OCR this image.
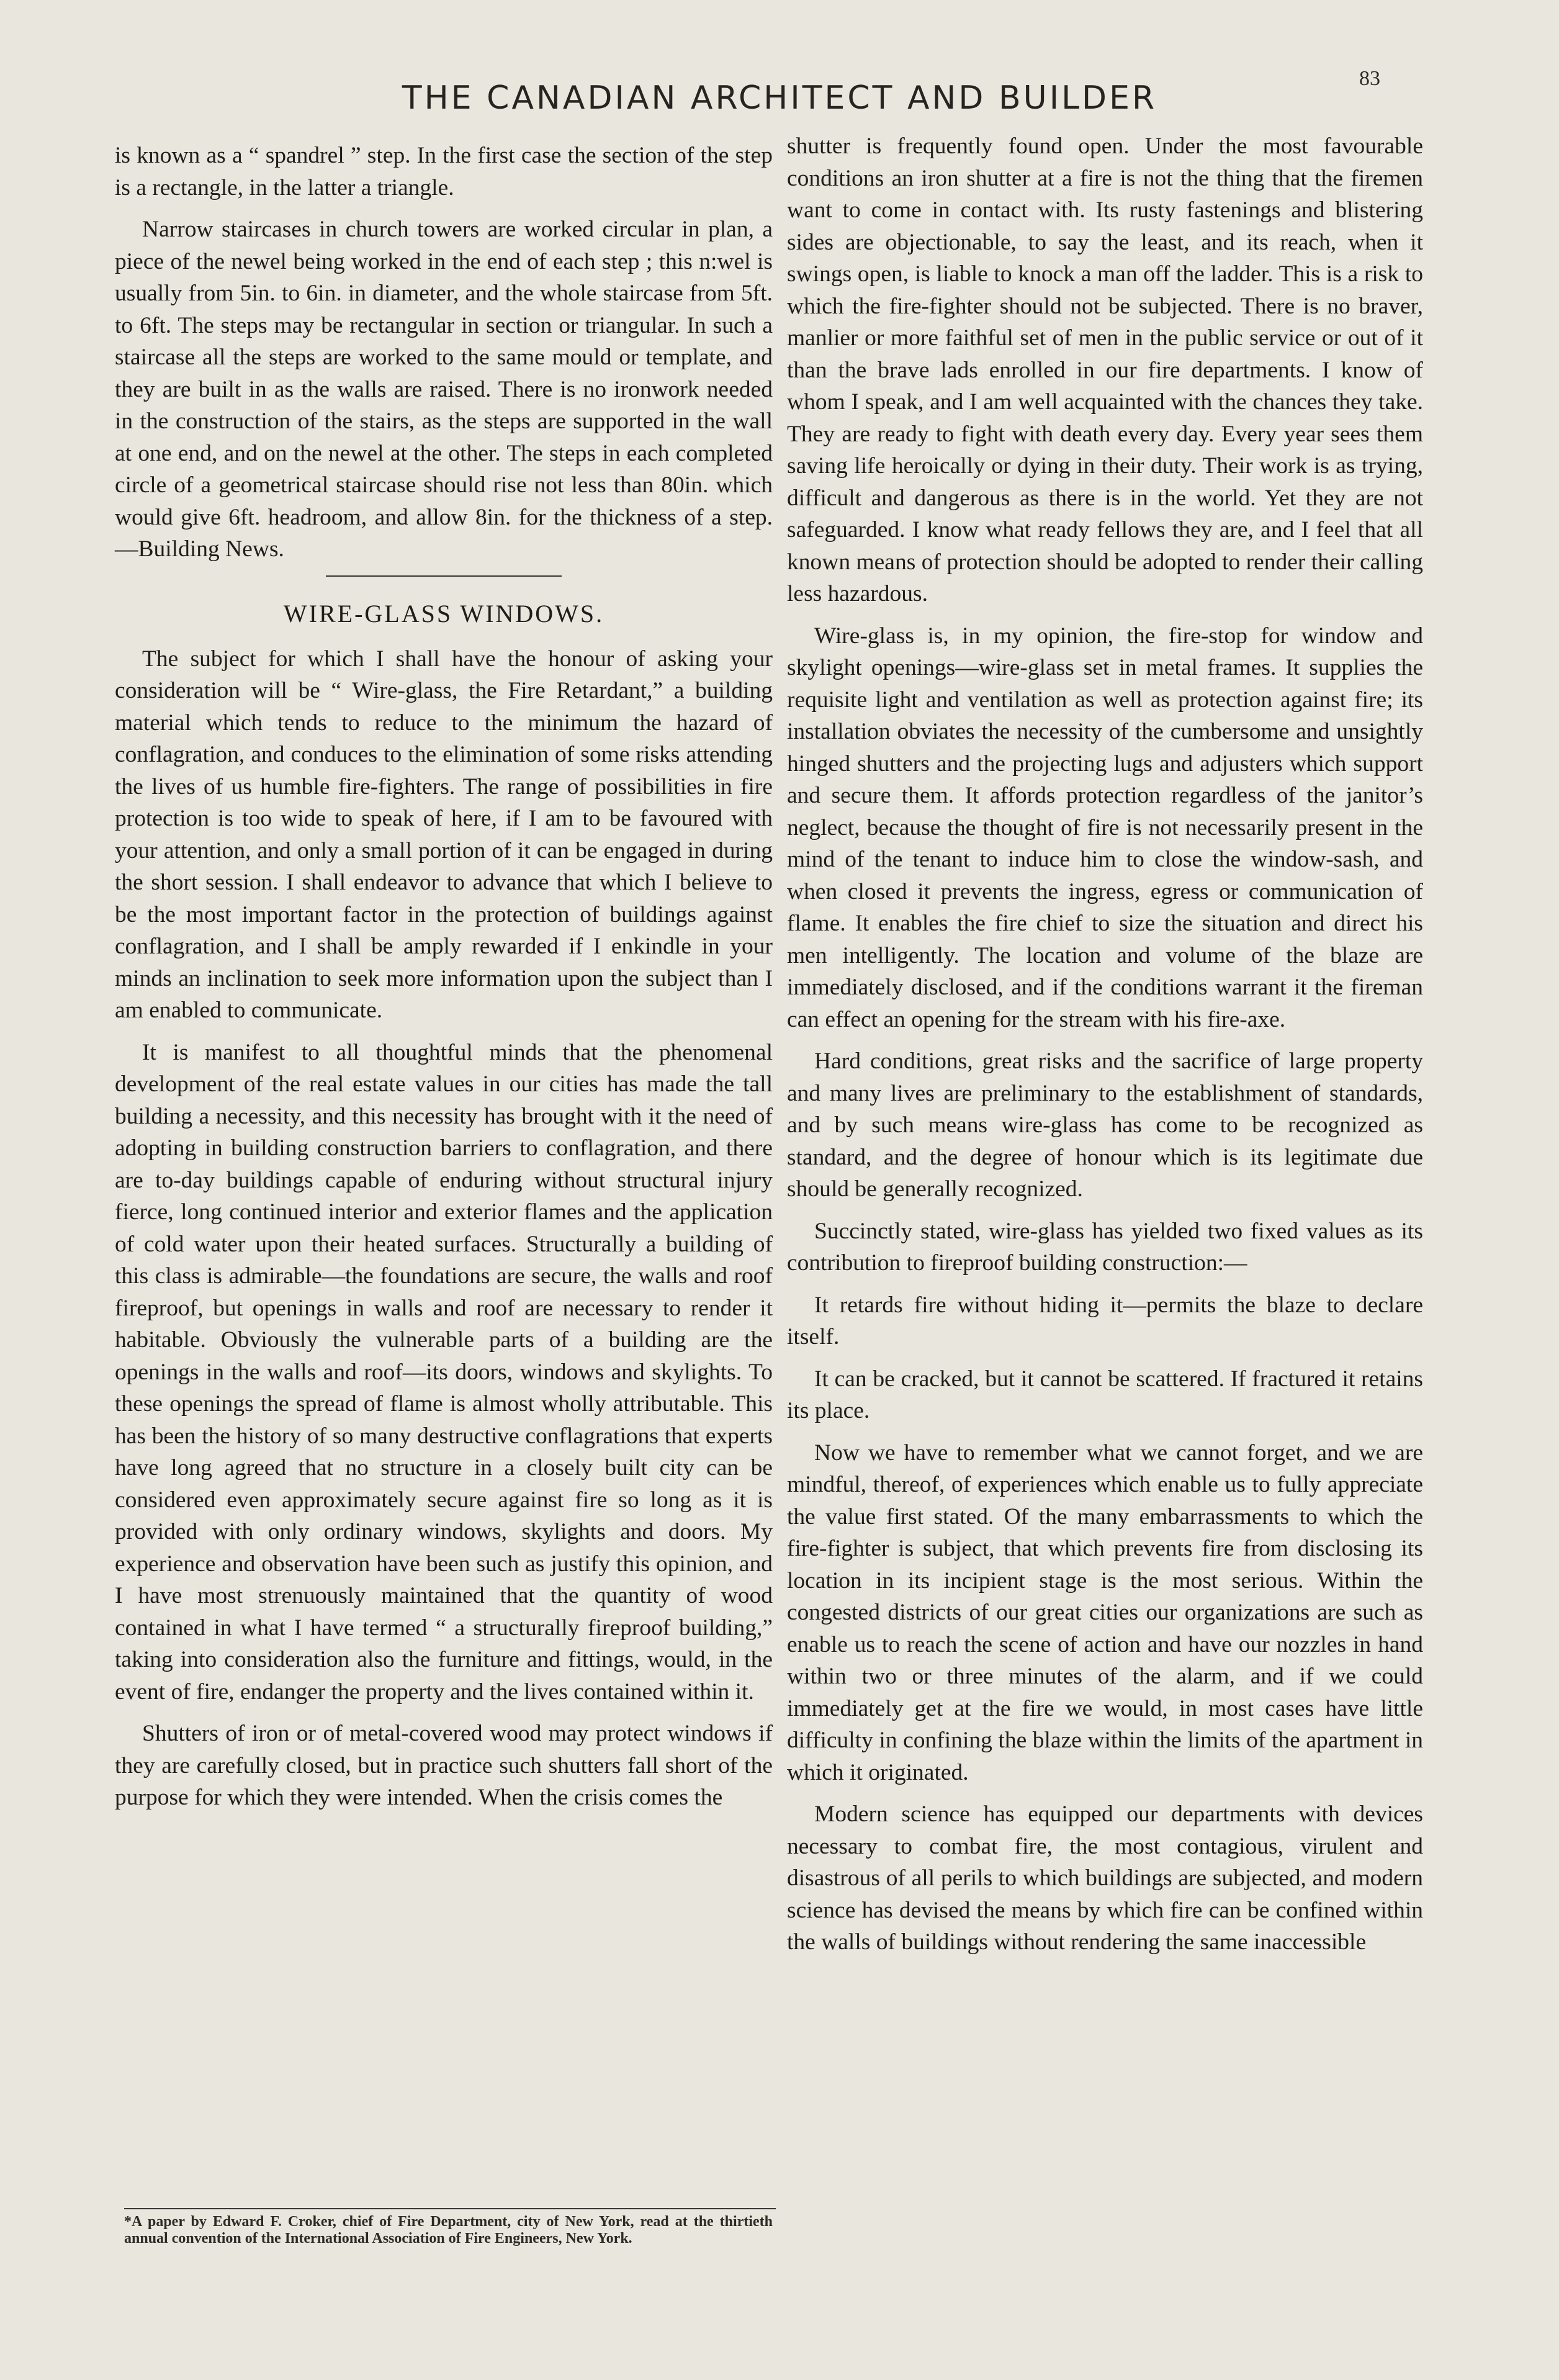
THE CANADIAN ARCHITECT AND BUILDER
83

is known as a “ spandrel ” step. In the first case the section of the step is a rectangle, in the latter a triangle.

Narrow staircases in church towers are worked circular in plan, a piece of the newel being worked in the end of each step ; this n:wel is usually from 5in. to 6in. in diameter, and the whole staircase from 5ft. to 6ft. The steps may be rectangular in section or triangular. In such a staircase all the steps are worked to the same mould or template, and they are built in as the walls are raised. There is no ironwork needed in the construction of the stairs, as the steps are supported in the wall at one end, and on the newel at the other. The steps in each completed circle of a geometrical staircase should rise not less than 80in. which would give 6ft. headroom, and allow 8in. for the thickness of a step.—Building News.

WIRE-GLASS WINDOWS.

The subject for which I shall have the honour of asking your consideration will be “ Wire-glass, the Fire Retardant,” a building material which tends to reduce to the minimum the hazard of conflagration, and conduces to the elimination of some risks attending the lives of us humble fire-fighters. The range of possibilities in fire protection is too wide to speak of here, if I am to be favoured with your attention, and only a small portion of it can be engaged in during the short session. I shall endeavor to advance that which I believe to be the most important factor in the protection of buildings against conflagration, and I shall be amply rewarded if I enkindle in your minds an inclination to seek more information upon the subject than I am enabled to communicate.

It is manifest to all thoughtful minds that the phenomenal development of the real estate values in our cities has made the tall building a necessity, and this necessity has brought with it the need of adopting in building construction barriers to conflagration, and there are to-day buildings capable of enduring without structural injury fierce, long continued interior and exterior flames and the application of cold water upon their heated surfaces. Structurally a building of this class is admirable—the foundations are secure, the walls and roof fireproof, but openings in walls and roof are necessary to render it habitable. Obviously the vulnerable parts of a building are the openings in the walls and roof—its doors, windows and skylights. To these openings the spread of flame is almost wholly attributable. This has been the history of so many destructive conflagrations that experts have long agreed that no structure in a closely built city can be considered even approximately secure against fire so long as it is provided with only ordinary windows, skylights and doors. My experience and observation have been such as justify this opinion, and I have most strenuously maintained that the quantity of wood contained in what I have termed “ a structurally fireproof building,” taking into consideration also the furniture and fittings, would, in the event of fire, endanger the property and the lives contained within it.

Shutters of iron or of metal-covered wood may protect windows if they are carefully closed, but in practice such shutters fall short of the purpose for which they were intended. When the crisis comes the

*A paper by Edward F. Croker, chief of Fire Department, city of New York, read at the thirtieth annual convention of the International Association of Fire Engineers, New York.

shutter is frequently found open. Under the most favourable conditions an iron shutter at a fire is not the thing that the firemen want to come in contact with. Its rusty fastenings and blistering sides are objectionable, to say the least, and its reach, when it swings open, is liable to knock a man off the ladder. This is a risk to which the fire-fighter should not be subjected. There is no braver, manlier or more faithful set of men in the public service or out of it than the brave lads enrolled in our fire departments. I know of whom I speak, and I am well acquainted with the chances they take. They are ready to fight with death every day. Every year sees them saving life heroically or dying in their duty. Their work is as trying, difficult and dangerous as there is in the world. Yet they are not safeguarded. I know what ready fellows they are, and I feel that all known means of protection should be adopted to render their calling less hazardous.

Wire-glass is, in my opinion, the fire-stop for window and skylight openings—wire-glass set in metal frames. It supplies the requisite light and ventilation as well as protection against fire; its installation obviates the necessity of the cumbersome and unsightly hinged shutters and the projecting lugs and adjusters which support and secure them. It affords protection regardless of the janitor’s neglect, because the thought of fire is not necessarily present in the mind of the tenant to induce him to close the window-sash, and when closed it prevents the ingress, egress or communication of flame. It enables the fire chief to size the situation and direct his men intelligently. The location and volume of the blaze are immediately disclosed, and if the conditions warrant it the fireman can effect an opening for the stream with his fire-axe.

Hard conditions, great risks and the sacrifice of large property and many lives are preliminary to the establishment of standards, and by such means wire-glass has come to be recognized as standard, and the degree of honour which is its legitimate due should be generally recognized.

Succinctly stated, wire-glass has yielded two fixed values as its contribution to fireproof building construction:—

It retards fire without hiding it—permits the blaze to declare itself.

It can be cracked, but it cannot be scattered. If fractured it retains its place.

Now we have to remember what we cannot forget, and we are mindful, thereof, of experiences which enable us to fully appreciate the value first stated. Of the many embarrassments to which the fire-fighter is subject, that which prevents fire from disclosing its location in its incipient stage is the most serious. Within the congested districts of our great cities our organizations are such as enable us to reach the scene of action and have our nozzles in hand within two or three minutes of the alarm, and if we could immediately get at the fire we would, in most cases have little difficulty in confining the blaze within the limits of the apartment in which it originated.

Modern science has equipped our departments with devices necessary to combat fire, the most contagious, virulent and disastrous of all perils to which buildings are subjected, and modern science has devised the means by which fire can be confined within the walls of buildings without rendering the same inaccessible
